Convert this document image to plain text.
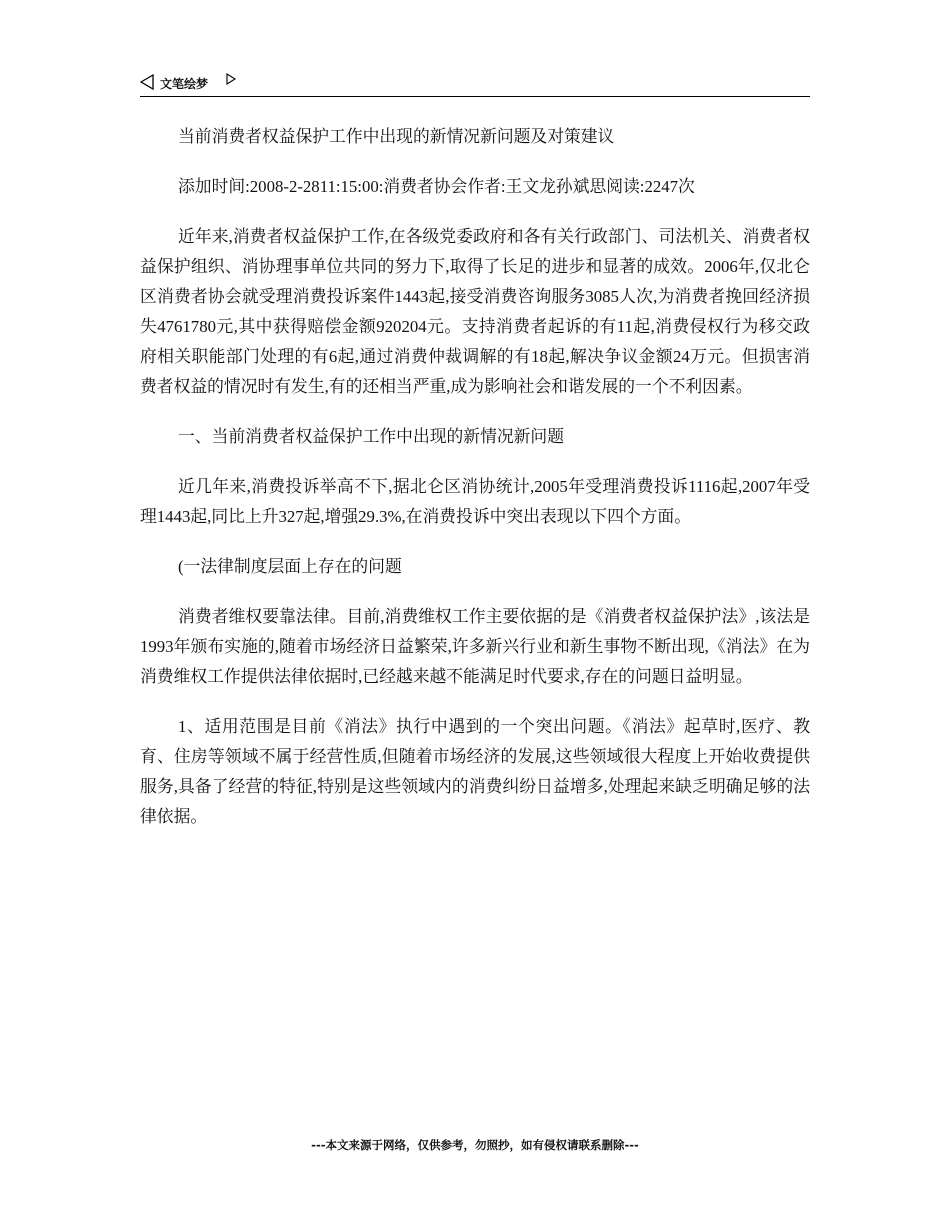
文笔绘梦

当前消费者权益保护工作中出现的新情况新问题及对策建议

添加时间:2008-2-2811:15:00:消费者协会作者:王文龙孙斌思阅读:2247次

近年来,消费者权益保护工作,在各级党委政府和各有关行政部门、司法机关、消费者权益保护组织、消协理事单位共同的努力下,取得了长足的进步和显著的成效。2006年,仅北仑区消费者协会就受理消费投诉案件1443起,接受消费咨询服务3085人次,为消费者挽回经济损失4761780元,其中获得赔偿金额920204元。支持消费者起诉的有11起,消费侵权行为移交政府相关职能部门处理的有6起,通过消费仲裁调解的有18起,解决争议金额24万元。但损害消费者权益的情况时有发生,有的还相当严重,成为影响社会和谐发展的一个不利因素。

一、当前消费者权益保护工作中出现的新情况新问题

近几年来,消费投诉举高不下,据北仑区消协统计,2005年受理消费投诉1116起,2007年受理1443起,同比上升327起,增强29.3%,在消费投诉中突出表现以下四个方面。

(一法律制度层面上存在的问题

消费者维权要靠法律。目前,消费维权工作主要依据的是《消费者权益保护法》,该法是1993年颁布实施的,随着市场经济日益繁荣,许多新兴行业和新生事物不断出现,《消法》在为消费维权工作提供法律依据时,已经越来越不能满足时代要求,存在的问题日益明显。

1、适用范围是目前《消法》执行中遇到的一个突出问题。《消法》起草时,医疗、教育、住房等领域不属于经营性质,但随着市场经济的发展,这些领域很大程度上开始收费提供服务,具备了经营的特征,特别是这些领域内的消费纠纷日益增多,处理起来缺乏明确足够的法律依据。

---本文来源于网络，仅供参考，勿照抄，如有侵权请联系删除---
